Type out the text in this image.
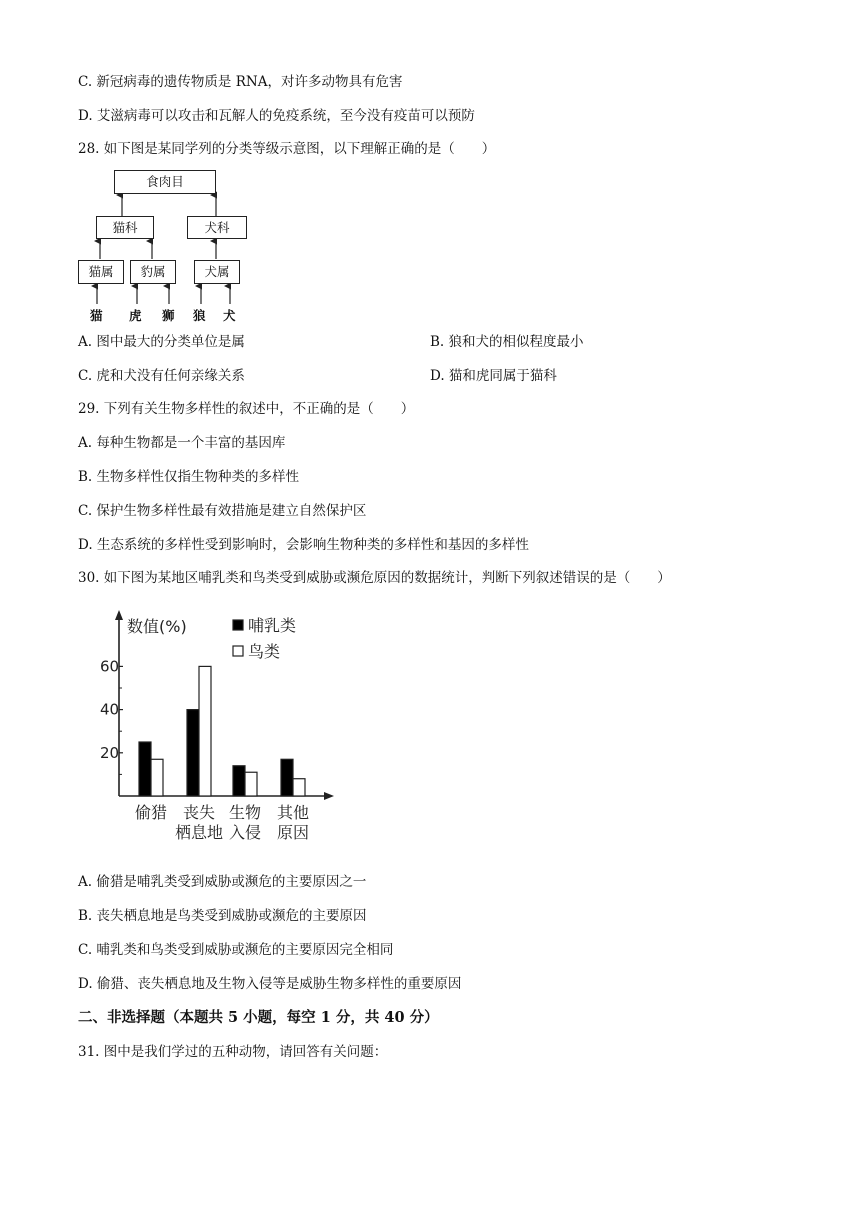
C. 新冠病毒的遗传物质是 RNA，对许多动物具有危害
D. 艾滋病毒可以攻击和瓦解人的免疫系统，至今没有疫苗可以预防
28. 如下图是某同学列的分类等级示意图，以下理解正确的是（　　）
食肉目
猫科	犬科
猫属	豹属	犬属
猫 虎 狮 狼 犬
A. 图中最大的分类单位是属	B. 狼和犬的相似程度最小
C. 虎和犬没有任何亲缘关系	D. 猫和虎同属于猫科
29. 下列有关生物多样性的叙述中，不正确的是（　　）
A. 每种生物都是一个丰富的基因库
B. 生物多样性仅指生物种类的多样性
C. 保护生物多样性最有效措施是建立自然保护区
D. 生态系统的多样性受到影响时，会影响生物种类的多样性和基因的多样性
30. 如下图为某地区哺乳类和鸟类受到威胁或濒危原因的数据统计，判断下列叙述错误的是（　　）
20
40
60
数值(%)	哺乳类
鸟类
偷猎 丧失
栖息地
生物
入侵
其他
原因
A. 偷猎是哺乳类受到威胁或濒危的主要原因之一
B. 丧失栖息地是鸟类受到威胁或濒危的主要原因
C. 哺乳类和鸟类受到威胁或濒危的主要原因完全相同
D. 偷猎、丧失栖息地及生物入侵等是威胁生物多样性的重要原因
二、非选择题（本题共 5 小题，每空 1 分，共 40 分）
31. 图中是我们学过的五种动物，请回答有关问题：
